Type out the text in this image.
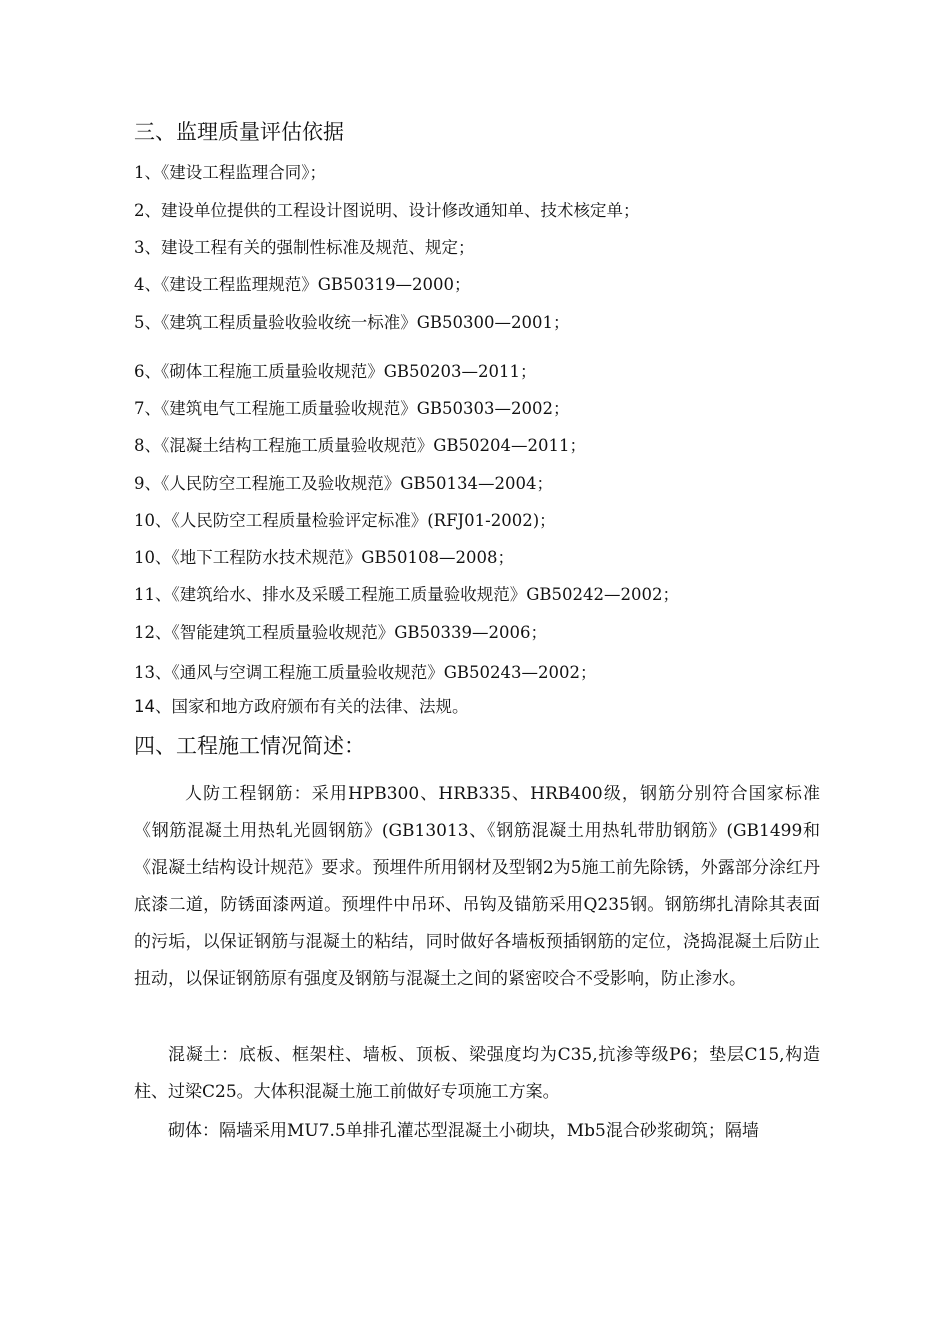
三、监理质量评估依据
1、《建设工程监理合同》；
2、建设单位提供的工程设计图说明、设计修改通知单、技术核定单；
3、建设工程有关的强制性标准及规范、规定；
4、《建设工程监理规范》GB50319—2000；
5、《建筑工程质量验收验收统一标准》GB50300—2001；
6、《砌体工程施工质量验收规范》GB50203—2011；
7、《建筑电气工程施工质量验收规范》GB50303—2002；
8、《混凝土结构工程施工质量验收规范》GB50204—2011；
9、《人民防空工程施工及验收规范》GB50134—2004；
10、《人民防空工程质量检验评定标准》(RFJ01-2002)；
10、《地下工程防水技术规范》GB50108—2008；
11、《建筑给水、排水及采暖工程施工质量验收规范》GB50242—2002；
12、《智能建筑工程质量验收规范》GB50339—2006；
13、《通风与空调工程施工质量验收规范》GB50243—2002；
14、国家和地方政府颁布有关的法律、法规。
四、工程施工情况简述：
人防工程钢筋：采用HPB300、HRB335、HRB400级，钢筋分别符合国家标准《钢筋混凝土用热轧光圆钢筋》(GB13013、《钢筋混凝土用热轧带肋钢筋》(GB1499和《混凝土结构设计规范》要求。预埋件所用钢材及型钢2为5施工前先除锈，外露部分涂红丹底漆二道，防锈面漆两道。预埋件中吊环、吊钩及锚筋采用Q235钢。钢筋绑扎清除其表面的污垢，以保证钢筋与混凝土的粘结，同时做好各墙板预插钢筋的定位，浇捣混凝土后防止扭动，以保证钢筋原有强度及钢筋与混凝土之间的紧密咬合不受影响，防止渗水。
混凝土：底板、框架柱、墙板、顶板、梁强度均为C35,抗渗等级P6；垫层C15,构造柱、过梁C25。大体积混凝土施工前做好专项施工方案。
砌体：隔墙采用MU7.5单排孔灌芯型混凝土小砌块，Mb5混合砂浆砌筑；隔墙
